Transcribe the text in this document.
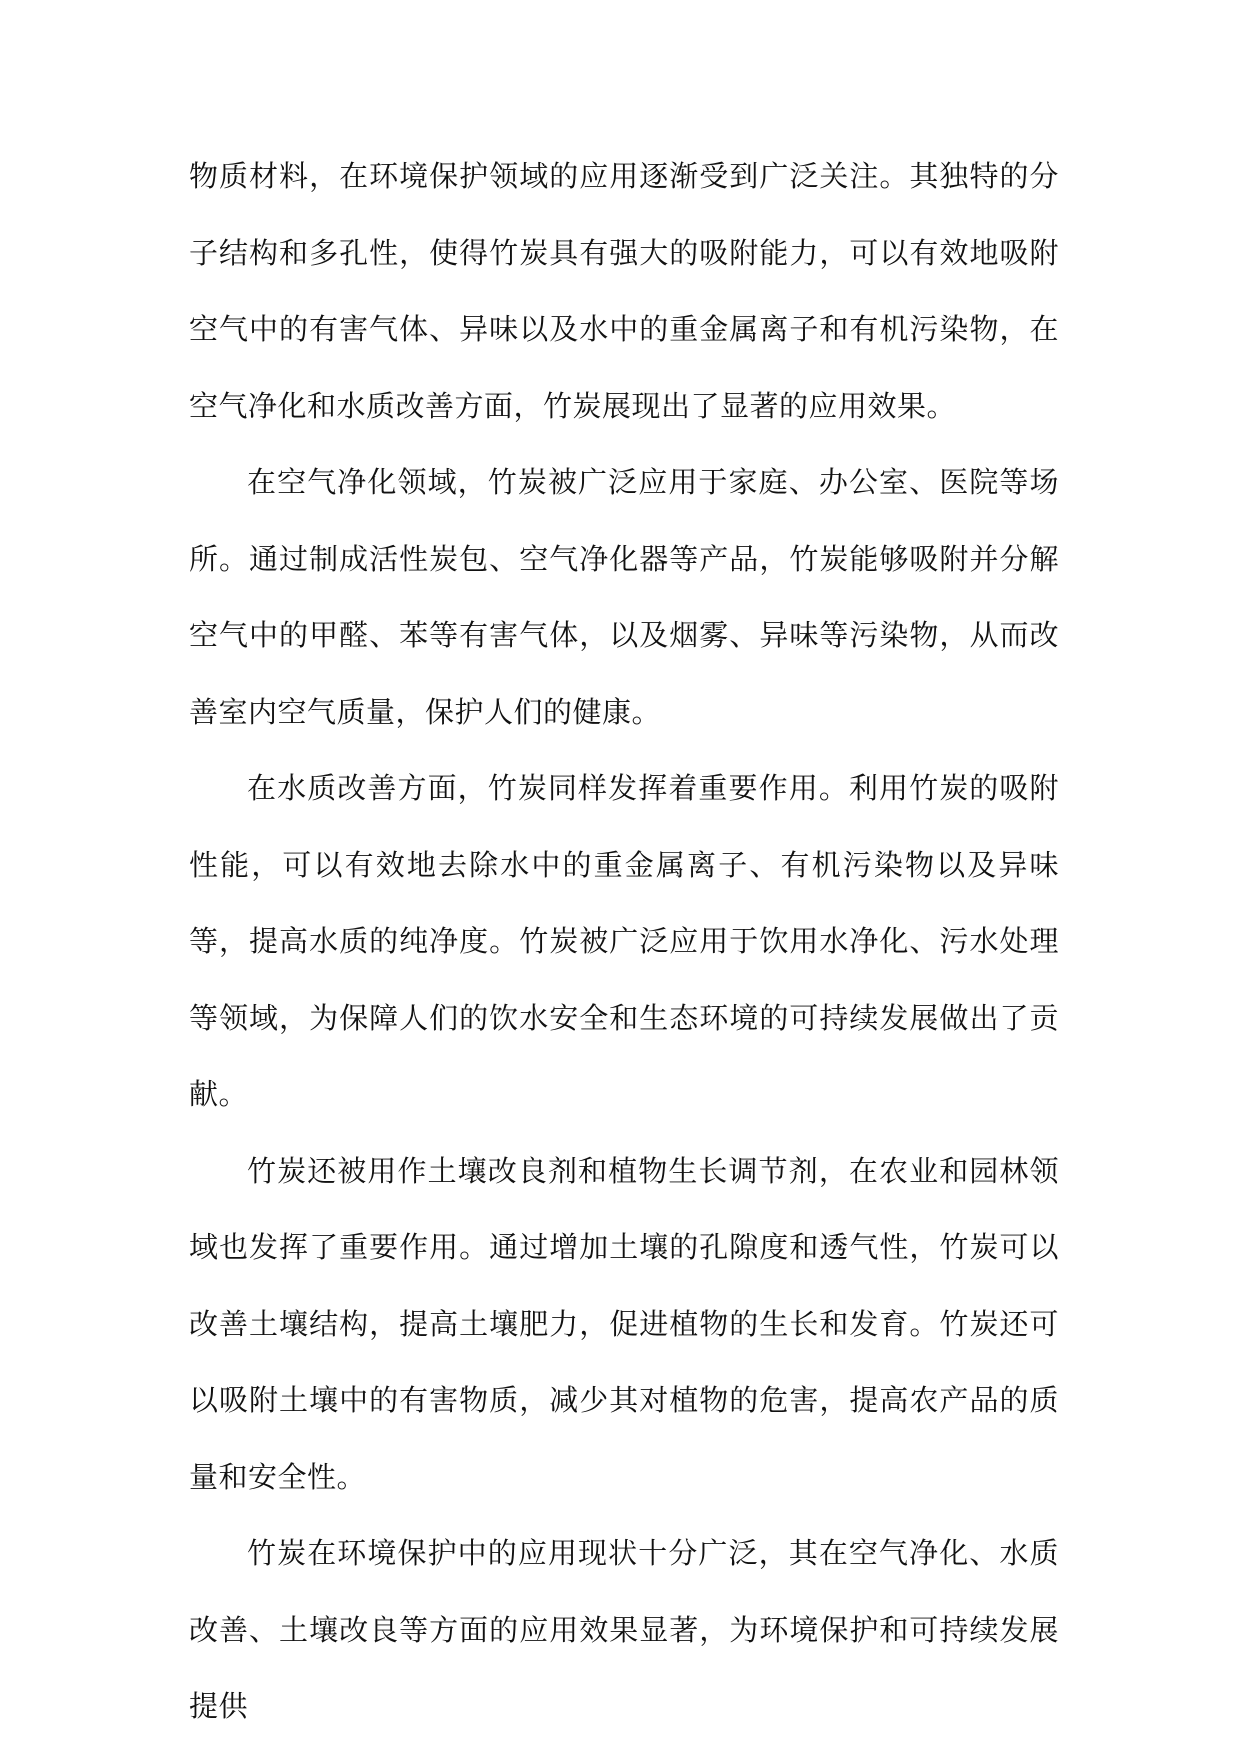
物质材料，在环境保护领域的应用逐渐受到广泛关注。其独特的分子结构和多孔性，使得竹炭具有强大的吸附能力，可以有效地吸附空气中的有害气体、异味以及水中的重金属离子和有机污染物，在空气净化和水质改善方面，竹炭展现出了显著的应用效果。

在空气净化领域，竹炭被广泛应用于家庭、办公室、医院等场所。通过制成活性炭包、空气净化器等产品，竹炭能够吸附并分解空气中的甲醛、苯等有害气体，以及烟雾、异味等污染物，从而改善室内空气质量，保护人们的健康。

在水质改善方面，竹炭同样发挥着重要作用。利用竹炭的吸附性能，可以有效地去除水中的重金属离子、有机污染物以及异味等，提高水质的纯净度。竹炭被广泛应用于饮用水净化、污水处理等领域，为保障人们的饮水安全和生态环境的可持续发展做出了贡献。

竹炭还被用作土壤改良剂和植物生长调节剂，在农业和园林领域也发挥了重要作用。通过增加土壤的孔隙度和透气性，竹炭可以改善土壤结构，提高土壤肥力，促进植物的生长和发育。竹炭还可以吸附土壤中的有害物质，减少其对植物的危害，提高农产品的质量和安全性。

竹炭在环境保护中的应用现状十分广泛，其在空气净化、水质改善、土壤改良等方面的应用效果显著，为环境保护和可持续发展提供
